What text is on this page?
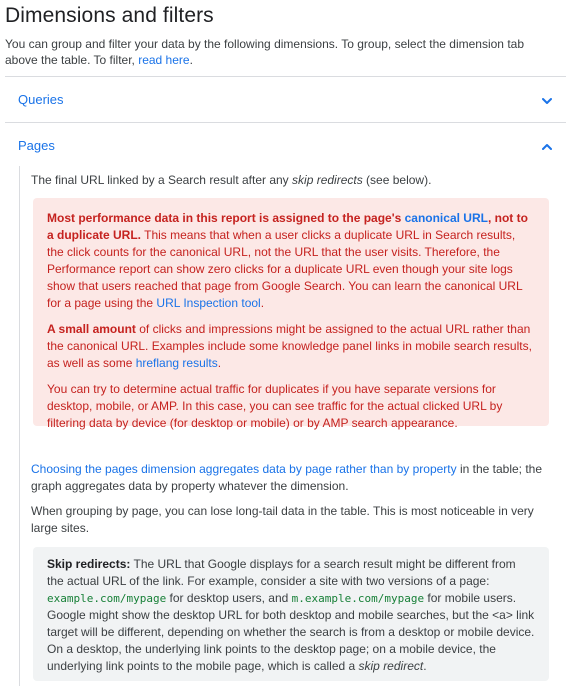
Dimensions and filters

You can group and filter your data by the following dimensions. To group, select the dimension tab above the table. To filter, read here.

Queries
Pages

The final URL linked by a Search result after any skip redirects (see below).

Most performance data in this report is assigned to the page's canonical URL, not to a duplicate URL. This means that when a user clicks a duplicate URL in Search results, the click counts for the canonical URL, not the URL that the user visits. Therefore, the Performance report can show zero clicks for a duplicate URL even though your site logs show that users reached that page from Google Search. You can learn the canonical URL for a page using the URL Inspection tool.

A small amount of clicks and impressions might be assigned to the actual URL rather than the canonical URL. Examples include some knowledge panel links in mobile search results, as well as some hreflang results.

You can try to determine actual traffic for duplicates if you have separate versions for desktop, mobile, or AMP. In this case, you can see traffic for the actual clicked URL by filtering data by device (for desktop or mobile) or by AMP search appearance.

Choosing the pages dimension aggregates data by page rather than by property in the table; the graph aggregates data by property whatever the dimension.

When grouping by page, you can lose long-tail data in the table. This is most noticeable in very large sites.

Skip redirects: The URL that Google displays for a search result might be different from the actual URL of the link. For example, consider a site with two versions of a page: example.com/mypage for desktop users, and m.example.com/mypage for mobile users. Google might show the desktop URL for both desktop and mobile searches, but the <a> link target will be different, depending on whether the search is from a desktop or mobile device. On a desktop, the underlying link points to the desktop page; on a mobile device, the underlying link points to the mobile page, which is called a skip redirect.
